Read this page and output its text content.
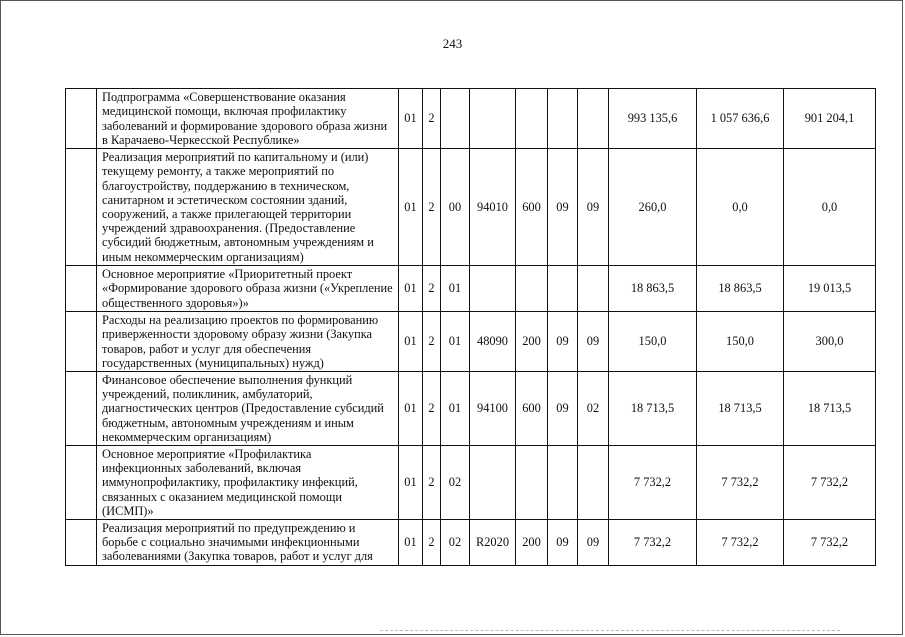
243
	Подпрограмма «Совершенствование оказания медицинской помощи, включая профилактику заболеваний и формирование здорового образа жизни в Карачаево-Черкесской Республике»	01	2						993 135,6	1 057 636,6	901 204,1
	Реализация мероприятий по капитальному и (или) текущему ремонту, а также мероприятий по благоустройству, поддержанию в техническом, санитарном и эстетическом состоянии зданий, сооружений, а также прилегающей территории учреждений здравоохранения. (Предоставление субсидий бюджетным, автономным учреждениям и иным некоммерческим организациям)	01	2	00	94010	600	09	09	260,0	0,0	0,0
	Основное мероприятие «Приоритетный проект «Формирование здорового образа жизни («Укрепление общественного здоровья»)»	01	2	01					18 863,5	18 863,5	19 013,5
	Расходы на реализацию проектов по формированию приверженности здоровому образу жизни (Закупка товаров, работ и услуг для обеспечения государственных (муниципальных) нужд)	01	2	01	48090	200	09	09	150,0	150,0	300,0
	Финансовое обеспечение выполнения функций учреждений, поликлиник, амбулаторий, диагностических центров (Предоставление субсидий бюджетным, автономным учреждениям и иным некоммерческим организациям)	01	2	01	94100	600	09	02	18 713,5	18 713,5	18 713,5
	Основное мероприятие «Профилактика инфекционных заболеваний, включая иммунопрофилактику, профилактику инфекций, связанных с оказанием медицинской помощи (ИСМП)»	01	2	02					7 732,2	7 732,2	7 732,2
	Реализация мероприятий по предупреждению и борьбе с социально значимыми инфекционными заболеваниями (Закупка товаров, работ и услуг для	01	2	02	R2020	200	09	09	7 732,2	7 732,2	7 732,2
